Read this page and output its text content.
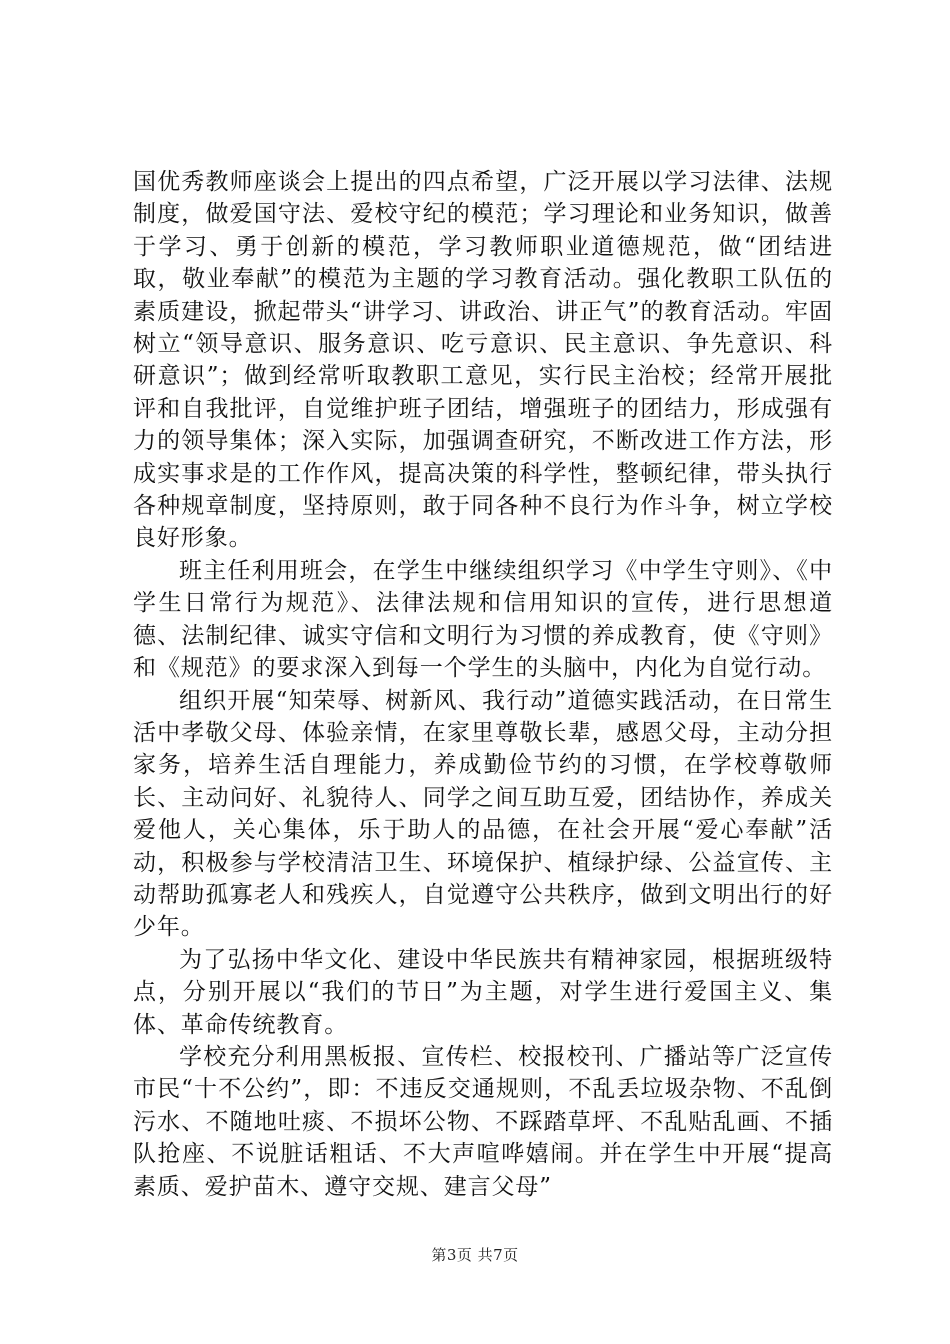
国优秀教师座谈会上提出的四点希望，广泛开展以学习法律、法规制度，做爱国守法、爱校守纪的模范；学习理论和业务知识，做善于学习、勇于创新的模范，学习教师职业道德规范，做“团结进取，敬业奉献”的模范为主题的学习教育活动。强化教职工队伍的素质建设，掀起带头“讲学习、讲政治、讲正气”的教育活动。牢固树立“领导意识、服务意识、吃亏意识、民主意识、争先意识、科研意识”；做到经常听取教职工意见，实行民主治校；经常开展批评和自我批评，自觉维护班子团结，增强班子的团结力，形成强有力的领导集体；深入实际，加强调查研究，不断改进工作方法，形成实事求是的工作作风，提高决策的科学性，整顿纪律，带头执行各种规章制度，坚持原则，敢于同各种不良行为作斗争，树立学校良好形象。

班主任利用班会，在学生中继续组织学习《中学生守则》、《中学生日常行为规范》、法律法规和信用知识的宣传，进行思想道德、法制纪律、诚实守信和文明行为习惯的养成教育，使《守则》和《规范》的要求深入到每一个学生的头脑中，内化为自觉行动。

组织开展“知荣辱、树新风、我行动”道德实践活动，在日常生活中孝敬父母、体验亲情，在家里尊敬长辈，感恩父母，主动分担家务，培养生活自理能力，养成勤俭节约的习惯，在学校尊敬师长、主动问好、礼貌待人、同学之间互助互爱，团结协作，养成关爱他人，关心集体，乐于助人的品德，在社会开展“爱心奉献”活动，积极参与学校清洁卫生、环境保护、植绿护绿、公益宣传、主动帮助孤寡老人和残疾人，自觉遵守公共秩序，做到文明出行的好少年。

为了弘扬中华文化、建设中华民族共有精神家园，根据班级特点，分别开展以“我们的节日”为主题，对学生进行爱国主义、集体、革命传统教育。

学校充分利用黑板报、宣传栏、校报校刊、广播站等广泛宣传市民“十不公约”，即：不违反交通规则，不乱丢垃圾杂物、不乱倒污水、不随地吐痰、不损坏公物、不踩踏草坪、不乱贴乱画、不插队抢座、不说脏话粗话、不大声喧哗嬉闹。并在学生中开展“提高素质、爱护苗木、遵守交规、建言父母”

第3页 共7页
